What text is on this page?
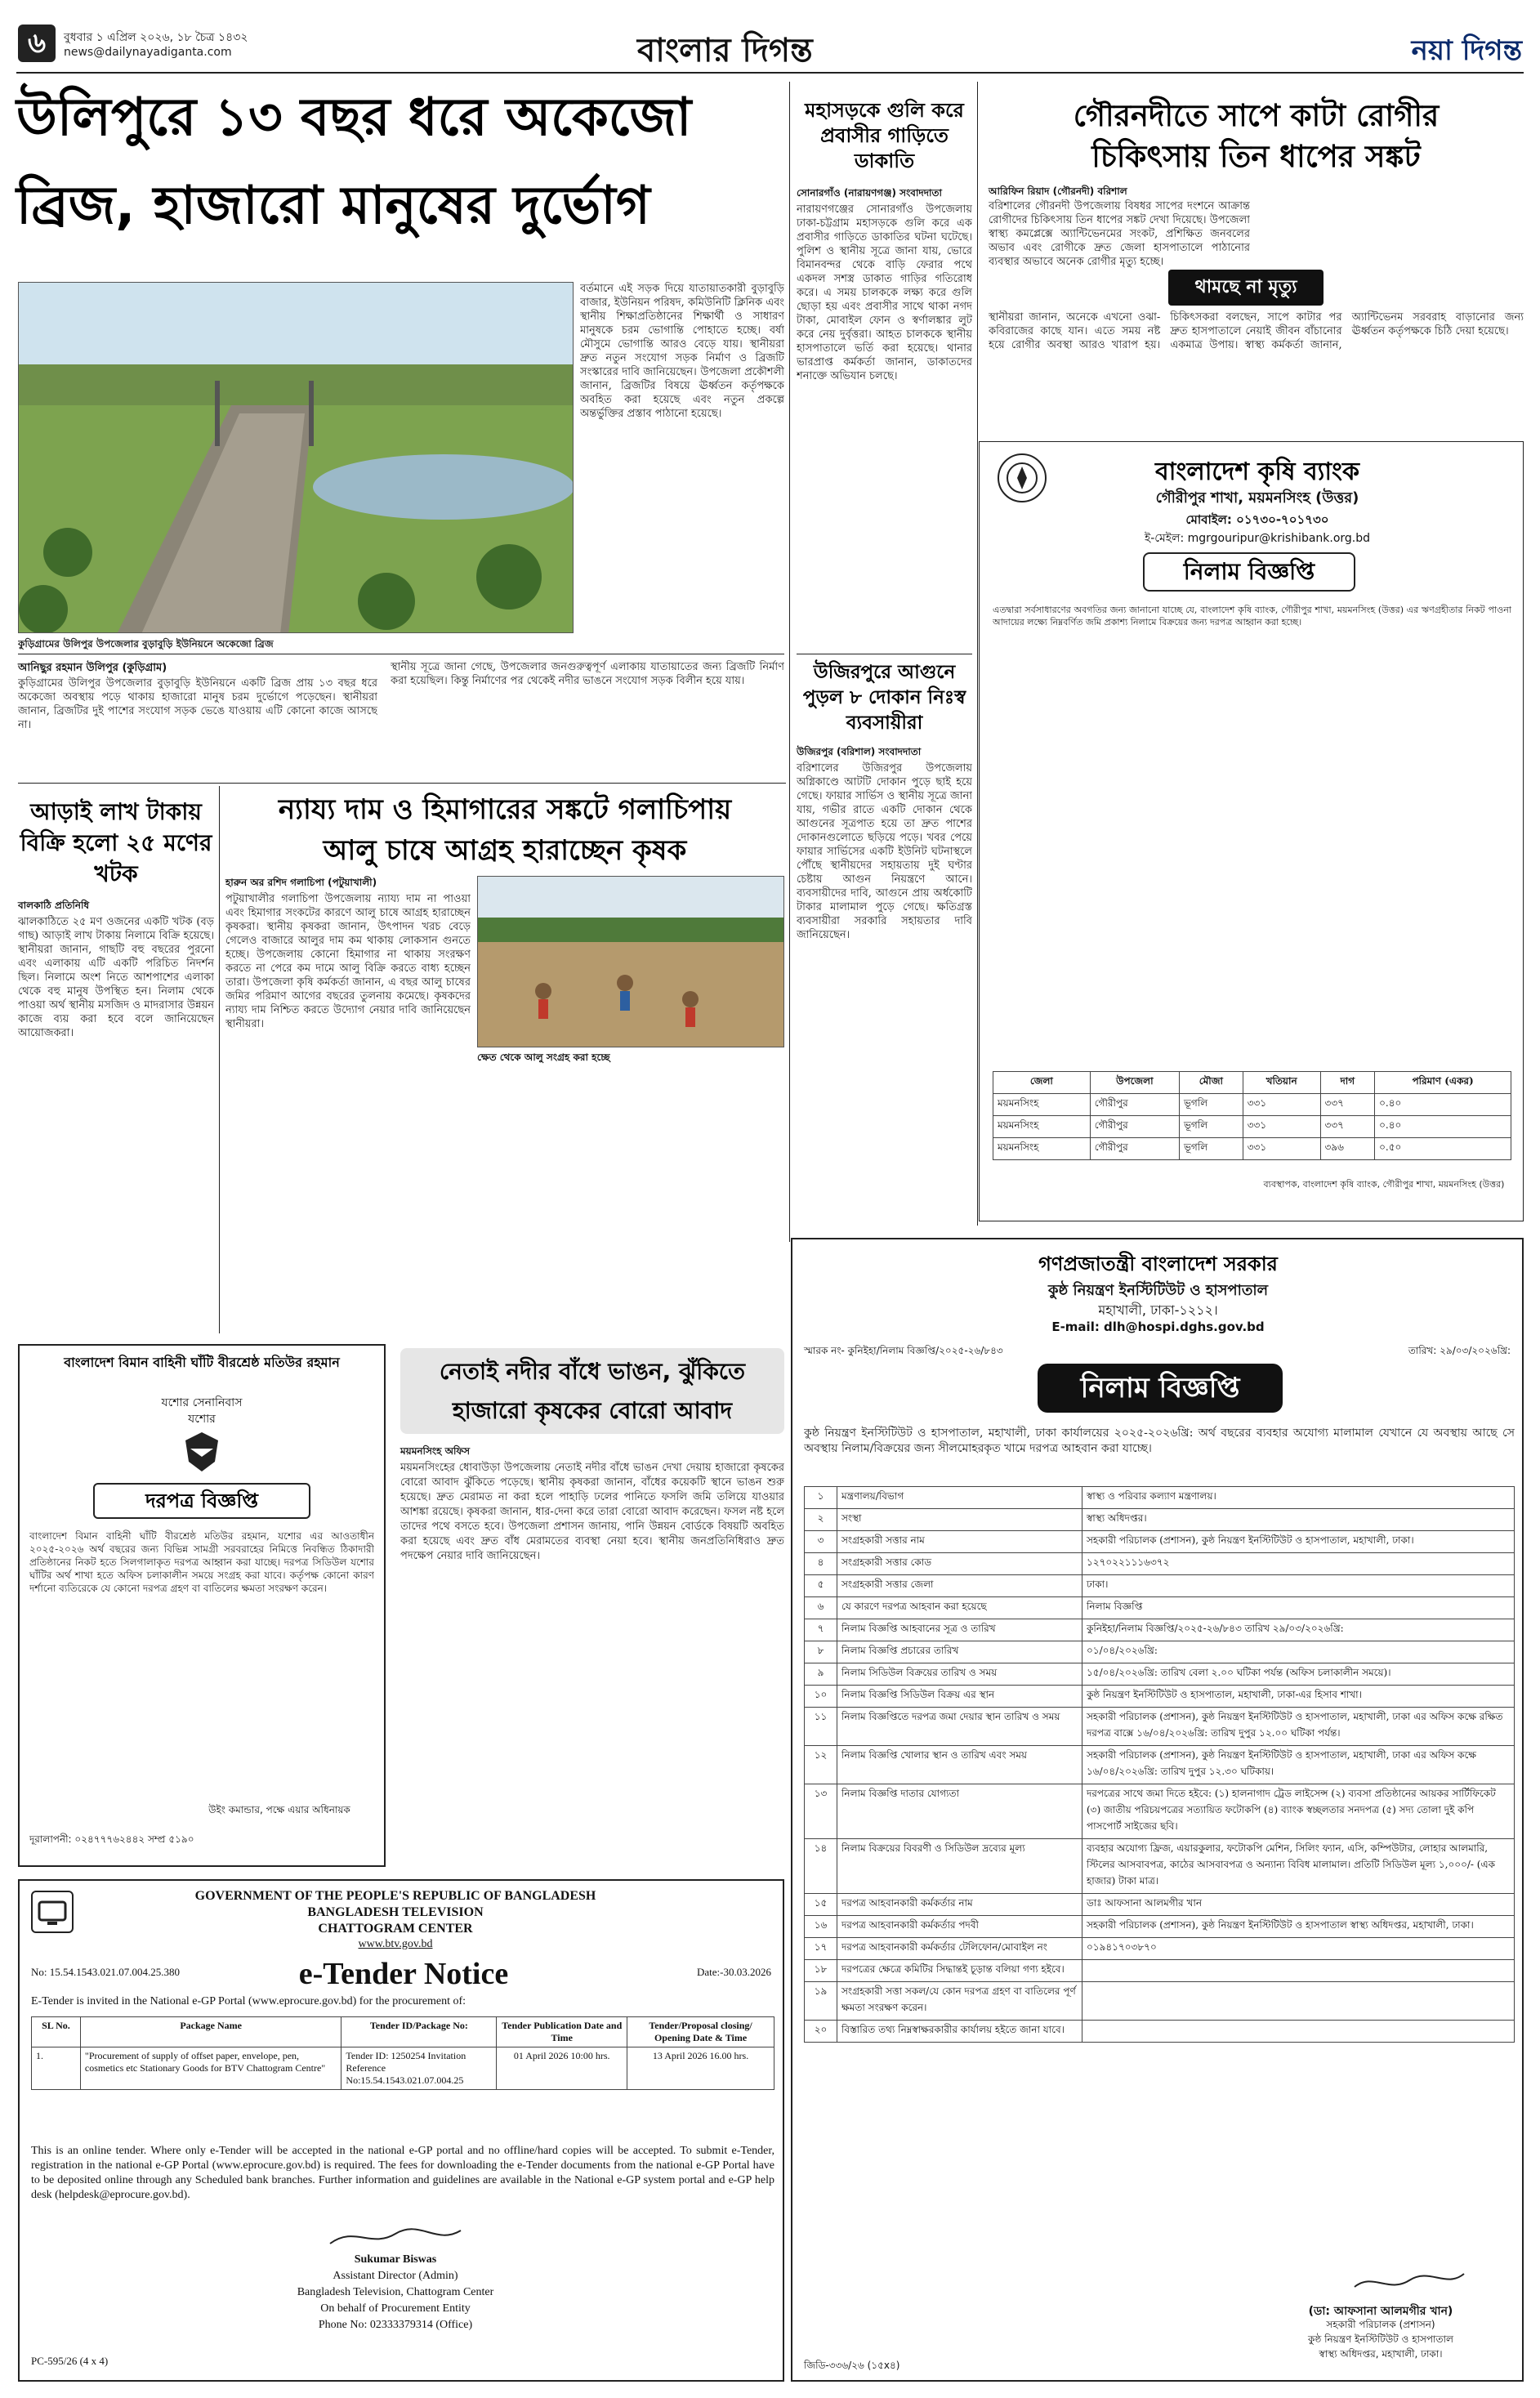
৬	বুধবার ১ এপ্রিল ২০২৬, ১৮ চৈত্র ১৪৩২
news@dailynayadiganta.com	বাংলার দিগন্ত	নয়া দিগন্ত
উলিপুরে ১৩ বছর ধরে অকেজো
ব্রিজ, হাজারো মানুষের দুর্ভোগ
কুড়িগ্রামের উলিপুর উপজেলার বুড়াবুড়ি ইউনিয়নে অকেজো ব্রিজ
বর্তমানে এই সড়ক দিয়ে যাতায়াতকারী বুড়াবুড়ি বাজার, ইউনিয়ন পরিষদ, কমিউনিটি ক্লিনিক এবং স্থানীয় শিক্ষাপ্রতিষ্ঠানের শিক্ষার্থী ও সাধারণ মানুষকে চরম ভোগান্তি পোহাতে হচ্ছে। বর্ষা মৌসুমে ভোগান্তি আরও বেড়ে যায়। স্থানীয়রা দ্রুত নতুন সংযোগ সড়ক নির্মাণ ও ব্রিজটি সংস্কারের দাবি জানিয়েছেন। উপজেলা প্রকৌশলী জানান, ব্রিজটির বিষয়ে ঊর্ধ্বতন কর্তৃপক্ষকে অবহিত করা হয়েছে এবং নতুন প্রকল্পে অন্তর্ভুক্তির প্রস্তাব পাঠানো হয়েছে।
আনিছুর রহমান উলিপুর (কুড়িগ্রাম)
কুড়িগ্রামের উলিপুর উপজেলার বুড়াবুড়ি ইউনিয়নে একটি ব্রিজ প্রায় ১৩ বছর ধরে অকেজো অবস্থায় পড়ে থাকায় হাজারো মানুষ চরম দুর্ভোগে পড়েছেন। স্থানীয়রা জানান, ব্রিজটির দুই পাশের সংযোগ সড়ক ভেঙে যাওয়ায় এটি কোনো কাজে আসছে না।
স্থানীয় সূত্রে জানা গেছে, উপজেলার জনগুরুত্বপূর্ণ এলাকায় যাতায়াতের জন্য ব্রিজটি নির্মাণ করা হয়েছিল। কিন্তু নির্মাণের পর থেকেই নদীর ভাঙনে সংযোগ সড়ক বিলীন হয়ে যায়।
মহাসড়কে গুলি করে প্রবাসীর গাড়িতে ডাকাতি
সোনারগাঁও (নারায়ণগঞ্জ) সংবাদদাতা
নারায়ণগঞ্জের সোনারগাঁও উপজেলায় ঢাকা-চট্টগ্রাম মহাসড়কে গুলি করে এক প্রবাসীর গাড়িতে ডাকাতির ঘটনা ঘটেছে। পুলিশ ও স্থানীয় সূত্রে জানা যায়, ভোরে বিমানবন্দর থেকে বাড়ি ফেরার পথে একদল সশস্ত্র ডাকাত গাড়ির গতিরোধ করে। এ সময় চালককে লক্ষ্য করে গুলি ছোড়া হয় এবং প্রবাসীর সাথে থাকা নগদ টাকা, মোবাইল ফোন ও স্বর্ণালঙ্কার লুট করে নেয় দুর্বৃত্তরা। আহত চালককে স্থানীয় হাসপাতালে ভর্তি করা হয়েছে। থানার ভারপ্রাপ্ত কর্মকর্তা জানান, ডাকাতদের শনাক্তে অভিযান চলছে।
উজিরপুরে আগুনে পুড়ল ৮ দোকান নিঃস্ব ব্যবসায়ীরা
উজিরপুর (বরিশাল) সংবাদদাতা
বরিশালের উজিরপুর উপজেলায় অগ্নিকাণ্ডে আটটি দোকান পুড়ে ছাই হয়ে গেছে। ফায়ার সার্ভিস ও স্থানীয় সূত্রে জানা যায়, গভীর রাতে একটি দোকান থেকে আগুনের সূত্রপাত হয়ে তা দ্রুত পাশের দোকানগুলোতে ছড়িয়ে পড়ে। খবর পেয়ে ফায়ার সার্ভিসের একটি ইউনিট ঘটনাস্থলে পৌঁছে স্থানীয়দের সহায়তায় দুই ঘণ্টার চেষ্টায় আগুন নিয়ন্ত্রণে আনে। ব্যবসায়ীদের দাবি, আগুনে প্রায় অর্ধকোটি টাকার মালামাল পুড়ে গেছে। ক্ষতিগ্রস্ত ব্যবসায়ীরা সরকারি সহায়তার দাবি জানিয়েছেন।
গৌরনদীতে সাপে কাটা রোগীর
চিকিৎসায় তিন ধাপের সঙ্কট
আরিফিন রিয়াদ (গৌরনদী) বরিশাল
বরিশালের গৌরনদী উপজেলায় বিষধর সাপের দংশনে আক্রান্ত রোগীদের চিকিৎসায় তিন ধাপের সঙ্কট দেখা দিয়েছে। উপজেলা স্বাস্থ্য কমপ্লেক্সে অ্যান্টিভেনমের সংকট, প্রশিক্ষিত জনবলের অভাব এবং রোগীকে দ্রুত জেলা হাসপাতালে পাঠানোর ব্যবস্থার অভাবে অনেক রোগীর মৃত্যু হচ্ছে।
থামছে না মৃত্যু
স্থানীয়রা জানান, অনেকে এখনো ওঝা-কবিরাজের কাছে যান। এতে সময় নষ্ট হয়ে রোগীর অবস্থা আরও খারাপ হয়। চিকিৎসকরা বলছেন, সাপে কাটার পর দ্রুত হাসপাতালে নেয়াই জীবন বাঁচানোর একমাত্র উপায়। স্বাস্থ্য কর্মকর্তা জানান, অ্যান্টিভেনম সরবরাহ বাড়ানোর জন্য ঊর্ধ্বতন কর্তৃপক্ষকে চিঠি দেয়া হয়েছে।
বাংলাদেশ কৃষি ব্যাংক
গৌরীপুর শাখা, ময়মনসিংহ (উত্তর)
মোবাইল: ০১৭৩০-৭০১৭৩০
ই-মেইল: mgrgouripur@krishibank.org.bd
নিলাম বিজ্ঞপ্তি
এতদ্বারা সর্বসাধারণের অবগতির জন্য জানানো যাচ্ছে যে, বাংলাদেশ কৃষি ব্যাংক, গৌরীপুর শাখা, ময়মনসিংহ (উত্তর) এর ঋণগ্রহীতার নিকট পাওনা আদায়ের লক্ষ্যে নিম্নবর্ণিত জমি প্রকাশ্য নিলামে বিক্রয়ের জন্য দরপত্র আহ্বান করা হচ্ছে।
জেলা	উপজেলা	মৌজা	খতিয়ান	দাগ	পরিমাণ (একর)
ময়মনসিংহ	গৌরীপুর	ভূগলি	৩৩১	৩৩৭	০.৪০
ময়মনসিংহ	গৌরীপুর	ভূগলি	৩৩১	৩৩৭	০.৪০
ময়মনসিংহ	গৌরীপুর	ভূগলি	৩৩১	৩৯৬	০.৫০
ব্যবস্থাপক, বাংলাদেশ কৃষি ব্যাংক, গৌরীপুর শাখা, ময়মনসিংহ (উত্তর)
আড়াই লাখ টাকায় বিক্রি হলো ২৫ মণের খটক
বালকাঠি প্রতিনিধি
ঝালকাঠিতে ২৫ মণ ওজনের একটি খটক (বড় গাছ) আড়াই লাখ টাকায় নিলামে বিক্রি হয়েছে। স্থানীয়রা জানান, গাছটি বহু বছরের পুরনো এবং এলাকায় এটি একটি পরিচিত নিদর্শন ছিল। নিলামে অংশ নিতে আশপাশের এলাকা থেকে বহু মানুষ উপস্থিত হন। নিলাম থেকে পাওয়া অর্থ স্থানীয় মসজিদ ও মাদরাসার উন্নয়ন কাজে ব্যয় করা হবে বলে জানিয়েছেন আয়োজকরা।
ন্যায্য দাম ও হিমাগারের সঙ্কটে গলাচিপায়
আলু চাষে আগ্রহ হারাচ্ছেন কৃষক
হারুন অর রশিদ গলাচিপা (পটুয়াখালী)
পটুয়াখালীর গলাচিপা উপজেলায় ন্যায্য দাম না পাওয়া এবং হিমাগার সংকটের কারণে আলু চাষে আগ্রহ হারাচ্ছেন কৃষকরা। স্থানীয় কৃষকরা জানান, উৎপাদন খরচ বেড়ে গেলেও বাজারে আলুর দাম কম থাকায় লোকসান গুনতে হচ্ছে। উপজেলায় কোনো হিমাগার না থাকায় সংরক্ষণ করতে না পেরে কম দামে আলু বিক্রি করতে বাধ্য হচ্ছেন তারা। উপজেলা কৃষি কর্মকর্তা জানান, এ বছর আলু চাষের জমির পরিমাণ আগের বছরের তুলনায় কমেছে। কৃষকদের ন্যায্য দাম নিশ্চিত করতে উদ্যোগ নেয়ার দাবি জানিয়েছেন স্থানীয়রা।
ক্ষেত থেকে আলু সংগ্রহ করা হচ্ছে
বাংলাদেশ বিমান বাহিনী ঘাঁটি বীরশ্রেষ্ঠ মতিউর রহমান
যশোর সেনানিবাস
যশোর
দরপত্র বিজ্ঞপ্তি
বাংলাদেশ বিমান বাহিনী ঘাঁটি বীরশ্রেষ্ঠ মতিউর রহমান, যশোর এর আওতাধীন ২০২৫-২০২৬ অর্থ বছরের জন্য বিভিন্ন সামগ্রী সরবরাহের নিমিত্তে নিবন্ধিত ঠিকাদারী প্রতিষ্ঠানের নিকট হতে সিলগালাকৃত দরপত্র আহ্বান করা যাচ্ছে। দরপত্র সিডিউল যশোর ঘাঁটির অর্থ শাখা হতে অফিস চলাকালীন সময়ে সংগ্রহ করা যাবে। কর্তৃপক্ষ কোনো কারণ দর্শানো ব্যতিরেকে যে কোনো দরপত্র গ্রহণ বা বাতিলের ক্ষমতা সংরক্ষণ করেন।
উইং কমান্ডার, পক্ষে এয়ার অধিনায়ক
দূরালাপনী: ০২৪৭৭৭৬২৪৪২ সম্প্র ৫১৯০
নেতাই নদীর বাঁধে ভাঙন, ঝুঁকিতে
হাজারো কৃষকের বোরো আবাদ
ময়মনসিংহ অফিস
ময়মনসিংহের ধোবাউড়া উপজেলায় নেতাই নদীর বাঁধে ভাঙন দেখা দেয়ায় হাজারো কৃষকের বোরো আবাদ ঝুঁকিতে পড়েছে। স্থানীয় কৃষকরা জানান, বাঁধের কয়েকটি স্থানে ভাঙন শুরু হয়েছে। দ্রুত মেরামত না করা হলে পাহাড়ি ঢলের পানিতে ফসলি জমি তলিয়ে যাওয়ার আশঙ্কা রয়েছে। কৃষকরা জানান, ধার-দেনা করে তারা বোরো আবাদ করেছেন। ফসল নষ্ট হলে তাদের পথে বসতে হবে। উপজেলা প্রশাসন জানায়, পানি উন্নয়ন বোর্ডকে বিষয়টি অবহিত করা হয়েছে এবং দ্রুত বাঁধ মেরামতের ব্যবস্থা নেয়া হবে। স্থানীয় জনপ্রতিনিধিরাও দ্রুত পদক্ষেপ নেয়ার দাবি জানিয়েছেন।
GOVERNMENT OF THE PEOPLE'S REPUBLIC OF BANGLADESH
BANGLADESH TELEVISION
CHATTOGRAM CENTER
www.btv.gov.bd
No: 15.54.1543.021.07.004.25.380	e-Tender Notice	Date:-30.03.2026
E-Tender is invited in the National e-GP Portal (www.eprocure.gov.bd) for the procurement of:
SL No.	Package Name	Tender ID/Package No:	Tender Publication Date and Time	Tender/Proposal closing/ Opening Date & Time
1.	"Procurement of supply of offset paper, envelope, pen, cosmetics etc Stationary Goods for BTV Chattogram Centre"	Tender ID: 1250254 Invitation Reference No:15.54.1543.021.07.004.25	01 April 2026 10:00 hrs.	13 April 2026 16.00 hrs.
This is an online tender. Where only e-Tender will be accepted in the national e-GP portal and no offline/hard copies will be accepted. To submit e-Tender, registration in the national e-GP Portal (www.eprocure.gov.bd) is required. The fees for downloading the e-Tender documents from the national e-GP Portal have to be deposited online through any Scheduled bank branches. Further information and guidelines are available in the National e-GP system portal and e-GP help desk (helpdesk@eprocure.gov.bd).
Sukumar Biswas
Assistant Director (Admin)
Bangladesh Television, Chattogram Center
On behalf of Procurement Entity
Phone No: 02333379314 (Office)
PC-595/26 (4 x 4)
গণপ্রজাতন্ত্রী বাংলাদেশ সরকার
কুষ্ঠ নিয়ন্ত্রণ ইনস্টিটিউট ও হাসপাতাল
মহাখালী, ঢাকা-১২১২।
E-mail: dlh@hospi.dghs.gov.bd
স্মারক নং- কুনিইহা/নিলাম বিজ্ঞপ্তি/২০২৫-২৬/৮৪৩	তারিখ: ২৯/০৩/২০২৬খ্রি:
নিলাম বিজ্ঞপ্তি
কুষ্ঠ নিয়ন্ত্রণ ইনস্টিটিউট ও হাসপাতাল, মহাখালী, ঢাকা কার্যালয়ের ২০২৫-২০২৬খ্রি: অর্থ বছরের ব্যবহার অযোগ্য মালামাল যেখানে যে অবস্থায় আছে সে অবস্থায় নিলাম/বিক্রয়ের জন্য সীলমোহরকৃত খামে দরপত্র আহবান করা যাচ্ছে।
১	মন্ত্রণালয়/বিভাগ	স্বাস্থ্য ও পরিবার কল্যাণ মন্ত্রণালয়।
২	সংস্থা	স্বাস্থ্য অধিদপ্তর।
৩	সংগ্রহকারী সত্তার নাম	সহকারী পরিচালক (প্রশাসন), কুষ্ঠ নিয়ন্ত্রণ ইনস্টিটিউট ও হাসপাতাল, মহাখালী, ঢাকা।
৪	সংগ্রহকারী সত্তার কোড	১২৭০২২১১১৬৩৭২
৫	সংগ্রহকারী সত্তার জেলা	ঢাকা।
৬	যে কারণে দরপত্র আহবান করা হয়েছে	নিলাম বিজ্ঞপ্তি
৭	নিলাম বিজ্ঞপ্তি আহবানের সূত্র ও তারিখ	কুনিইহা/নিলাম বিজ্ঞপ্তি/২০২৫-২৬/৮৪৩ তারিখ ২৯/০৩/২০২৬খ্রি:
৮	নিলাম বিজ্ঞপ্তি প্রচারের তারিখ	০১/০৪/২০২৬খ্রি:
৯	নিলাম সিডিউল বিক্রয়ের তারিখ ও সময়	১৫/০৪/২০২৬খ্রি: তারিখ বেলা ২.০০ ঘটিকা পর্যন্ত (অফিস চলাকালীন সময়ে)।
১০	নিলাম বিজ্ঞপ্তি সিডিউল বিক্রয় এর স্থান	কুষ্ঠ নিয়ন্ত্রণ ইনস্টিটিউট ও হাসপাতাল, মহাখালী, ঢাকা-এর হিসাব শাখা।
১১	নিলাম বিজ্ঞপ্তিতে দরপত্র জমা দেয়ার স্থান তারিখ ও সময়	সহকারী পরিচালক (প্রশাসন), কুষ্ঠ নিয়ন্ত্রণ ইনস্টিটিউট ও হাসপাতাল, মহাখালী, ঢাকা এর অফিস কক্ষে রক্ষিত দরপত্র বাক্সে ১৬/০৪/২০২৬খ্রি: তারিখ দুপুর ১২.০০ ঘটিকা পর্যন্ত।
১২	নিলাম বিজ্ঞপ্তি খোলার স্থান ও তারিখ এবং সময়	সহকারী পরিচালক (প্রশাসন), কুষ্ঠ নিয়ন্ত্রণ ইনস্টিটিউট ও হাসপাতাল, মহাখালী, ঢাকা এর অফিস কক্ষে ১৬/০৪/২০২৬খ্রি: তারিখ দুপুর ১২.৩০ ঘটিকায়।
১৩	নিলাম বিজ্ঞপ্তি দাতার যোগ্যতা	দরপত্রের সাথে জমা দিতে হইবে: (১) হালনাগাদ ট্রেড লাইসেন্স (২) ব্যবসা প্রতিষ্ঠানের আয়কর সার্টিফিকেট (৩) জাতীয় পরিচয়পত্রের সত্যায়িত ফটোকপি (৪) ব্যাংক স্বচ্ছলতার সনদপত্র (৫) সদ্য তোলা দুই কপি পাসপোর্ট সাইজের ছবি।
১৪	নিলাম বিক্রয়ের বিবরণী ও সিডিউল দ্রব্যের মূল্য	ব্যবহার অযোগ্য ফ্রিজ, এয়ারকুলার, ফটোকপি মেশিন, সিলিং ফ্যান, এসি, কম্পিউটার, লোহার আলমারি, স্টিলের আসবাবপত্র, কাঠের আসবাবপত্র ও অন্যান্য বিবিধ মালামাল। প্রতিটি সিডিউল মূল্য ১,০০০/- (এক হাজার) টাকা মাত্র।
১৫	দরপত্র আহবানকারী কর্মকর্তার নাম	ডাঃ আফসানা আলমগীর খান
১৬	দরপত্র আহবানকারী কর্মকর্তার পদবী	সহকারী পরিচালক (প্রশাসন), কুষ্ঠ নিয়ন্ত্রণ ইনস্টিটিউট ও হাসপাতাল স্বাস্থ্য অধিদপ্তর, মহাখালী, ঢাকা।
১৭	দরপত্র আহবানকারী কর্মকর্তার টেলিফোন/মোবাইল নং	০১৯৪১৭০৩৮৭০
১৮	দরপত্রের ক্ষেত্রে কমিটির সিদ্ধান্তই চূড়ান্ত বলিয়া গণ্য হইবে।	
১৯	সংগ্রহকারী সত্তা সকল/যে কোন দরপত্র গ্রহণ বা বাতিলের পূর্ণ ক্ষমতা সংরক্ষণ করেন।	
২০	বিস্তারিত তথ্য নিম্নস্বাক্ষরকারীর কার্যালয় হইতে জানা যাবে।	
(ডা: আফসানা আলমগীর খান)
সহকারী পরিচালক (প্রশাসন)
কুষ্ঠ নিয়ন্ত্রণ ইনস্টিটিউট ও হাসপাতাল
স্বাস্থ্য অধিদপ্তর, মহাখালী, ঢাকা।
জিডি-৩৩৬/২৬ (১৫x৪)
